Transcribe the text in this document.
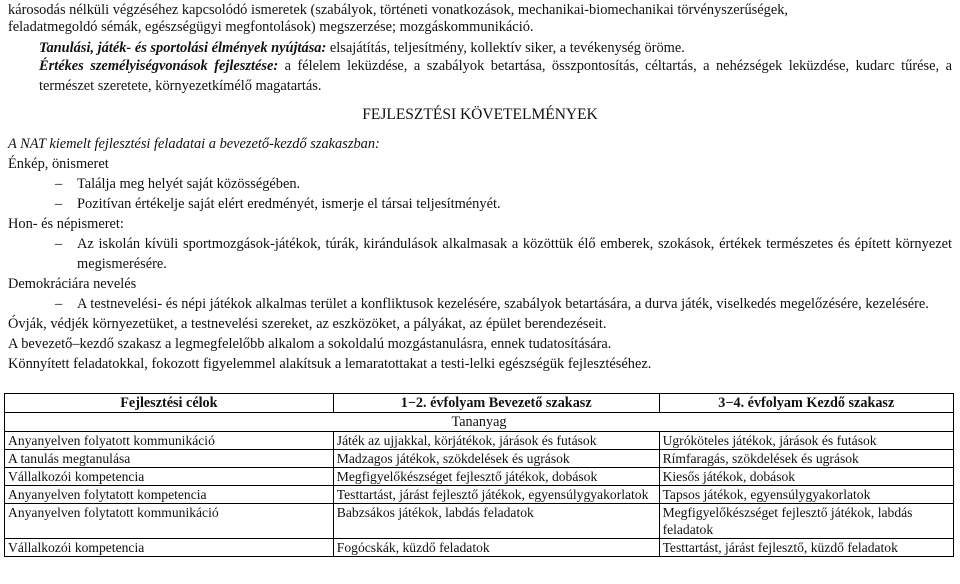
károsodás nélküli végzéséhez kapcsolódó ismeretek (szabályok, történeti vonatkozások, mechanikai-biomechanikai törvényszerűségek,
feladatmegoldó sémák, egészségügyi megfontolások) megszerzése; mozgáskommunikáció.
Tanulási, játék- és sportolási élmények nyújtása: elsajátítás, teljesítmény, kollektív siker, a tevékenység öröme.
Értékes személyiségvonások fejlesztése: a félelem leküzdése, a szabályok betartása, összpontosítás, céltartás, a nehézségek leküzdése, kudarc tűrése, a természet szeretete, környezetkímélő magatartás.
FEJLESZTÉSI KÖVETELMÉNYEK
A NAT kiemelt fejlesztési feladatai a bevezető-kezdő szakaszban:
Énkép, önismeret
– Találja meg helyét saját közösségében.
– Pozitívan értékelje saját elért eredményét, ismerje el társai teljesítményét.
Hon- és népismeret:
– Az iskolán kívüli sportmozgások-játékok, túrák, kirándulások alkalmasak a közöttük élő emberek, szokások, értékek természetes és épített környezet megismerésére.
Demokráciára nevelés
– A testnevelési- és népi játékok alkalmas terület a konfliktusok kezelésére, szabályok betartására, a durva játék, viselkedés megelőzésére, kezelésére.
Óvják, védjék környezetüket, a testnevelési szereket, az eszközöket, a pályákat, az épület berendezéseit.
A bevezető–kezdő szakasz a legmegfelelőbb alkalom a sokoldalú mozgástanulásra, ennek tudatosítására.
Könnyített feladatokkal, fokozott figyelemmel alakítsuk a lemaratottakat a testi-lelki egészségük fejlesztéséhez.
Fejlesztési célok	1−2. évfolyam Bevezető szakasz	3−4. évfolyam Kezdő szakasz
Tananyag		
Anyanyelven folyatott kommunikáció	Játék az ujjakkal, körjátékok, járások és futások	Ugróköteles játékok, járások és futások
A tanulás megtanulása	Madzagos játékok, szökdelések és ugrások	Rímfaragás, szökdelések és ugrások
Vállalkozói kompetencia	Megfigyelőkészséget fejlesztő játékok, dobások	Kiesős játékok, dobások
Anyanyelven folytatott kompetencia	Testtartást, járást fejlesztő játékok, egyensúlygyakorlatok	Tapsos játékok, egyensúlygyakorlatok
Anyanyelven folytatott kommunikáció	Babzsákos játékok, labdás feladatok	Megfigyelőkészséget fejlesztő játékok, labdás feladatok
Vállalkozói kompetencia	Fogócskák, küzdő feladatok	Testtartást, járást fejlesztő, küzdő feladatok
